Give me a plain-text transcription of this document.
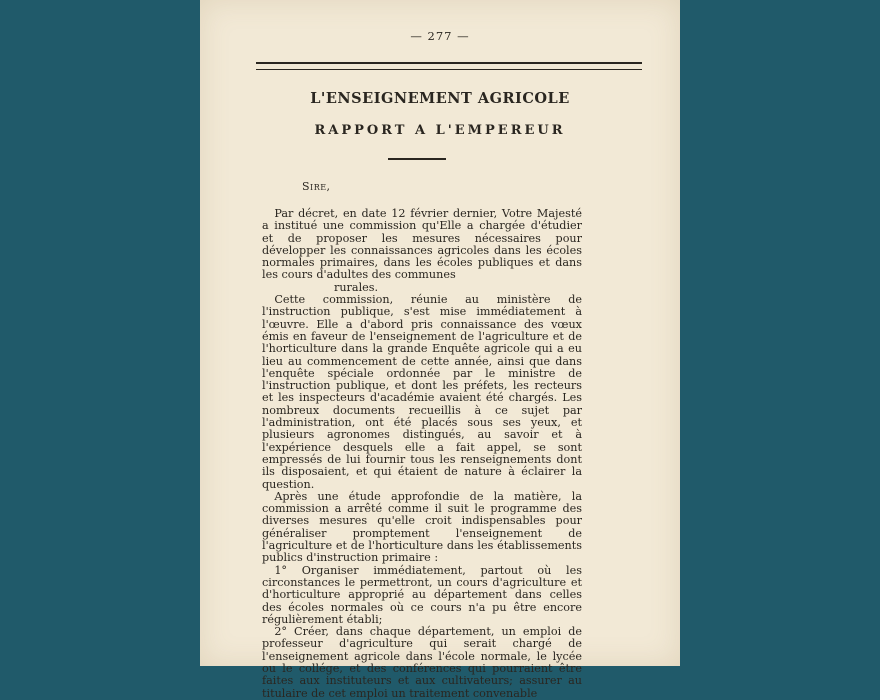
— 277 —
L'ENSEIGNEMENT AGRICOLE
RAPPORT A L'EMPEREUR
Sire,

Par décret, en date 12 février dernier, Votre Majesté a institué une commission qu'Elle a chargée d'étudier et de proposer les mesures nécessaires pour développer les connaissances agricoles dans les écoles normales primaires, dans les écoles publiques et dans les cours d'adultes des communes
rurales.

Cette commission, réunie au ministère de l'instruction publique, s'est mise immédiatement à l'œuvre. Elle a d'abord pris connaissance des vœux émis en faveur de l'enseignement de l'agriculture et de l'horticulture dans la grande Enquête agricole qui a eu lieu au commencement de cette année, ainsi que dans l'enquête spéciale ordonnée par le ministre de l'instruction publique, et dont les préfets, les recteurs et les inspecteurs d'académie avaient été chargés. Les nombreux documents recueillis à ce sujet par l'administration, ont été placés sous ses yeux, et plusieurs agronomes distingués, au savoir et à l'expérience desquels elle a fait appel, se sont empressés de lui fournir tous les renseignements dont ils disposaient, et qui étaient de nature à éclairer la question.

Après une étude approfondie de la matière, la commission a arrêté comme il suit le programme des diverses mesures qu'elle croit indispensables pour généraliser promptement l'enseignement de l'agriculture et de l'horticulture dans les établissements publics d'instruction primaire :

1° Organiser immédiatement, partout où les circonstances le permettront, un cours d'agriculture et d'horticulture approprié au département dans celles des écoles normales où ce cours n'a pu être encore régulièrement établi;

2° Créer, dans chaque département, un emploi de professeur d'agriculture qui serait chargé de l'enseignement agricole dans l'école normale, le lycée ou le collége, et des conférences qui pourraient être faites aux instituteurs et aux cultivateurs; assurer au titulaire de cet emploi un traitement convenable
